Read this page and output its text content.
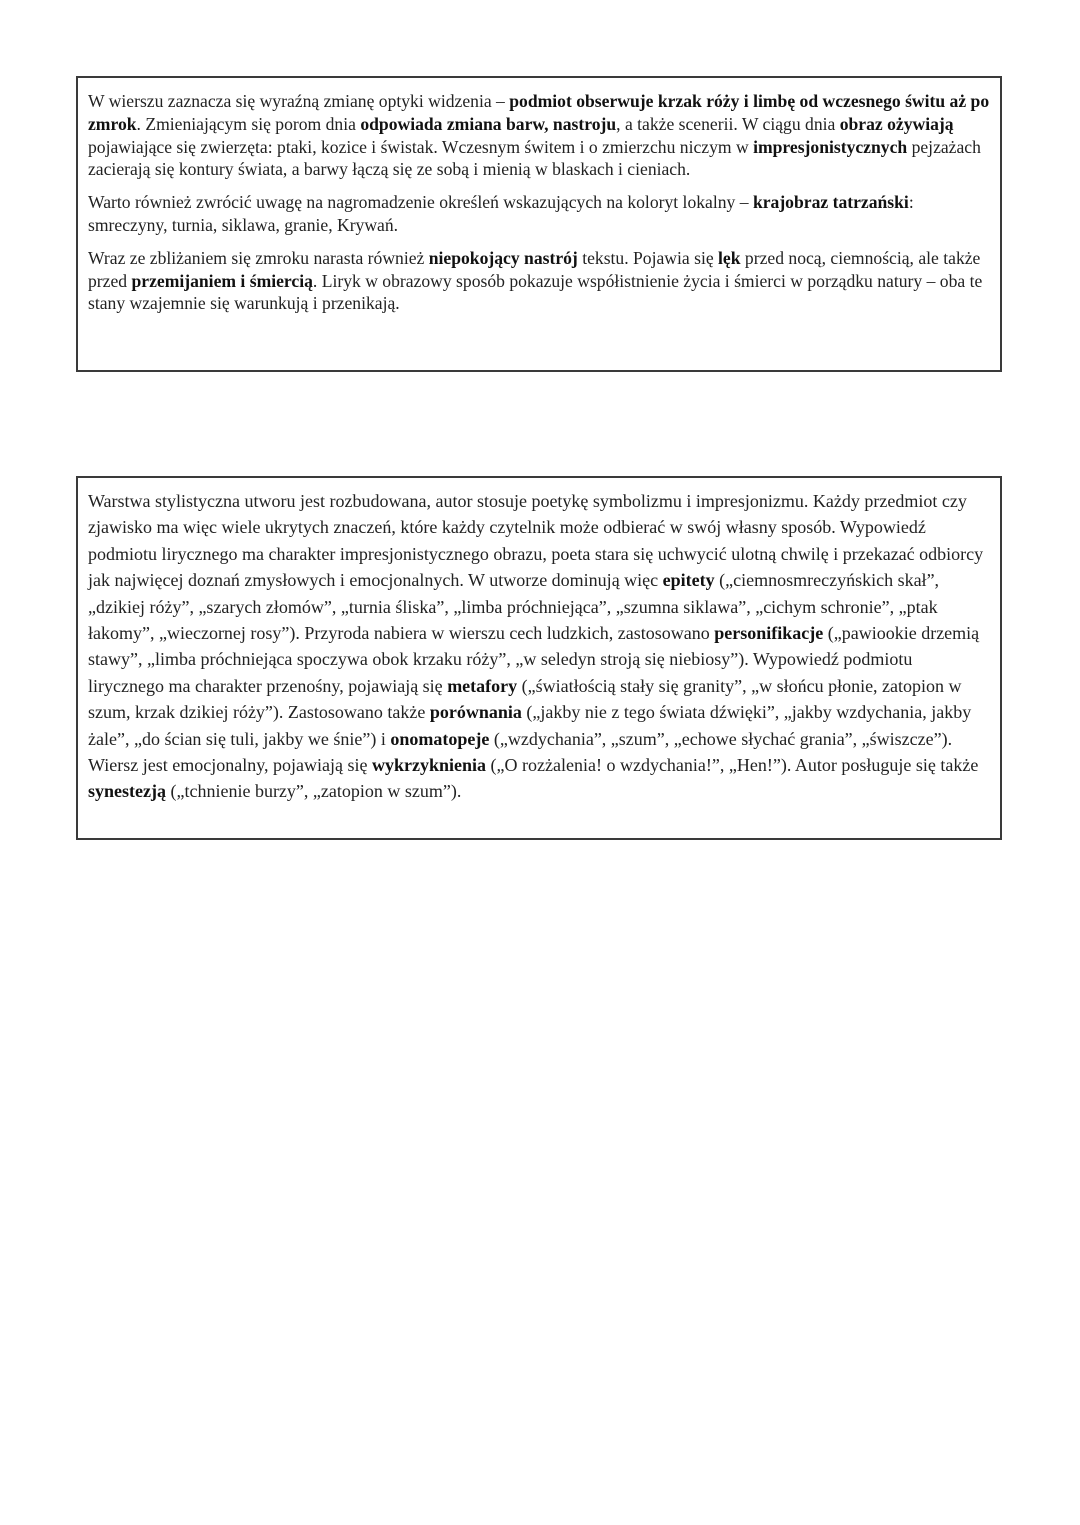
W wierszu zaznacza się wyraźną zmianę optyki widzenia – podmiot obserwuje krzak róży i limbę od wczesnego świtu aż po zmrok. Zmieniającym się porom dnia odpowiada zmiana barw, nastroju, a także scenerii. W ciągu dnia obraz ożywiają pojawiające się zwierzęta: ptaki, kozice i świstak. Wczesnym świtem i o zmierzchu niczym w impresjonistycznych pejzażach zacierają się kontury świata, a barwy łączą się ze sobą i mienią w blaskach i cieniach.

Warto również zwrócić uwagę na nagromadzenie określeń wskazujących na koloryt lokalny – krajobraz tatrzański: smreczyny, turnia, siklawa, granie, Krywań.

Wraz ze zbliżaniem się zmroku narasta również niepokojący nastrój tekstu. Pojawia się lęk przed nocą, ciemnością, ale także przed przemijaniem i śmiercią. Liryk w obrazowy sposób pokazuje współistnienie życia i śmierci w porządku natury – oba te stany wzajemnie się warunkują i przenikają.

Warstwa stylistyczna utworu jest rozbudowana, autor stosuje poetykę symbolizmu i impresjonizmu. Każdy przedmiot czy zjawisko ma więc wiele ukrytych znaczeń, które każdy czytelnik może odbierać w swój własny sposób. Wypowiedź podmiotu lirycznego ma charakter impresjonistycznego obrazu, poeta stara się uchwycić ulotną chwilę i przekazać odbiorcy jak najwięcej doznań zmysłowych i emocjonalnych. W utworze dominują więc epitety („ciemnosmreczyńskich skał”, „dzikiej róży”, „szarych złomów”, „turnia śliska”, „limba próchniejąca”, „szumna siklawa”, „cichym schronie”, „ptak łakomy”, „wieczornej rosy”). Przyroda nabiera w wierszu cech ludzkich, zastosowano personifikacje („pawiookie drzemią stawy”, „limba próchniejąca spoczywa obok krzaku róży”, „w seledyn stroją się niebiosy”). Wypowiedź podmiotu lirycznego ma charakter przenośny, pojawiają się metafory („światłością stały się granity”, „w słońcu płonie, zatopion w szum, krzak dzikiej róży”). Zastosowano także porównania („jakby nie z tego świata dźwięki”, „jakby wzdychania, jakby żale”, „do ścian się tuli, jakby we śnie”) i onomatopeje („wzdychania”, „szum”, „echowe słychać grania”, „świszcze”). Wiersz jest emocjonalny, pojawiają się wykrzyknienia („O rozżalenia! o wzdychania!”, „Hen!”). Autor posługuje się także synestezją („tchnienie burzy”, „zatopion w szum”).
